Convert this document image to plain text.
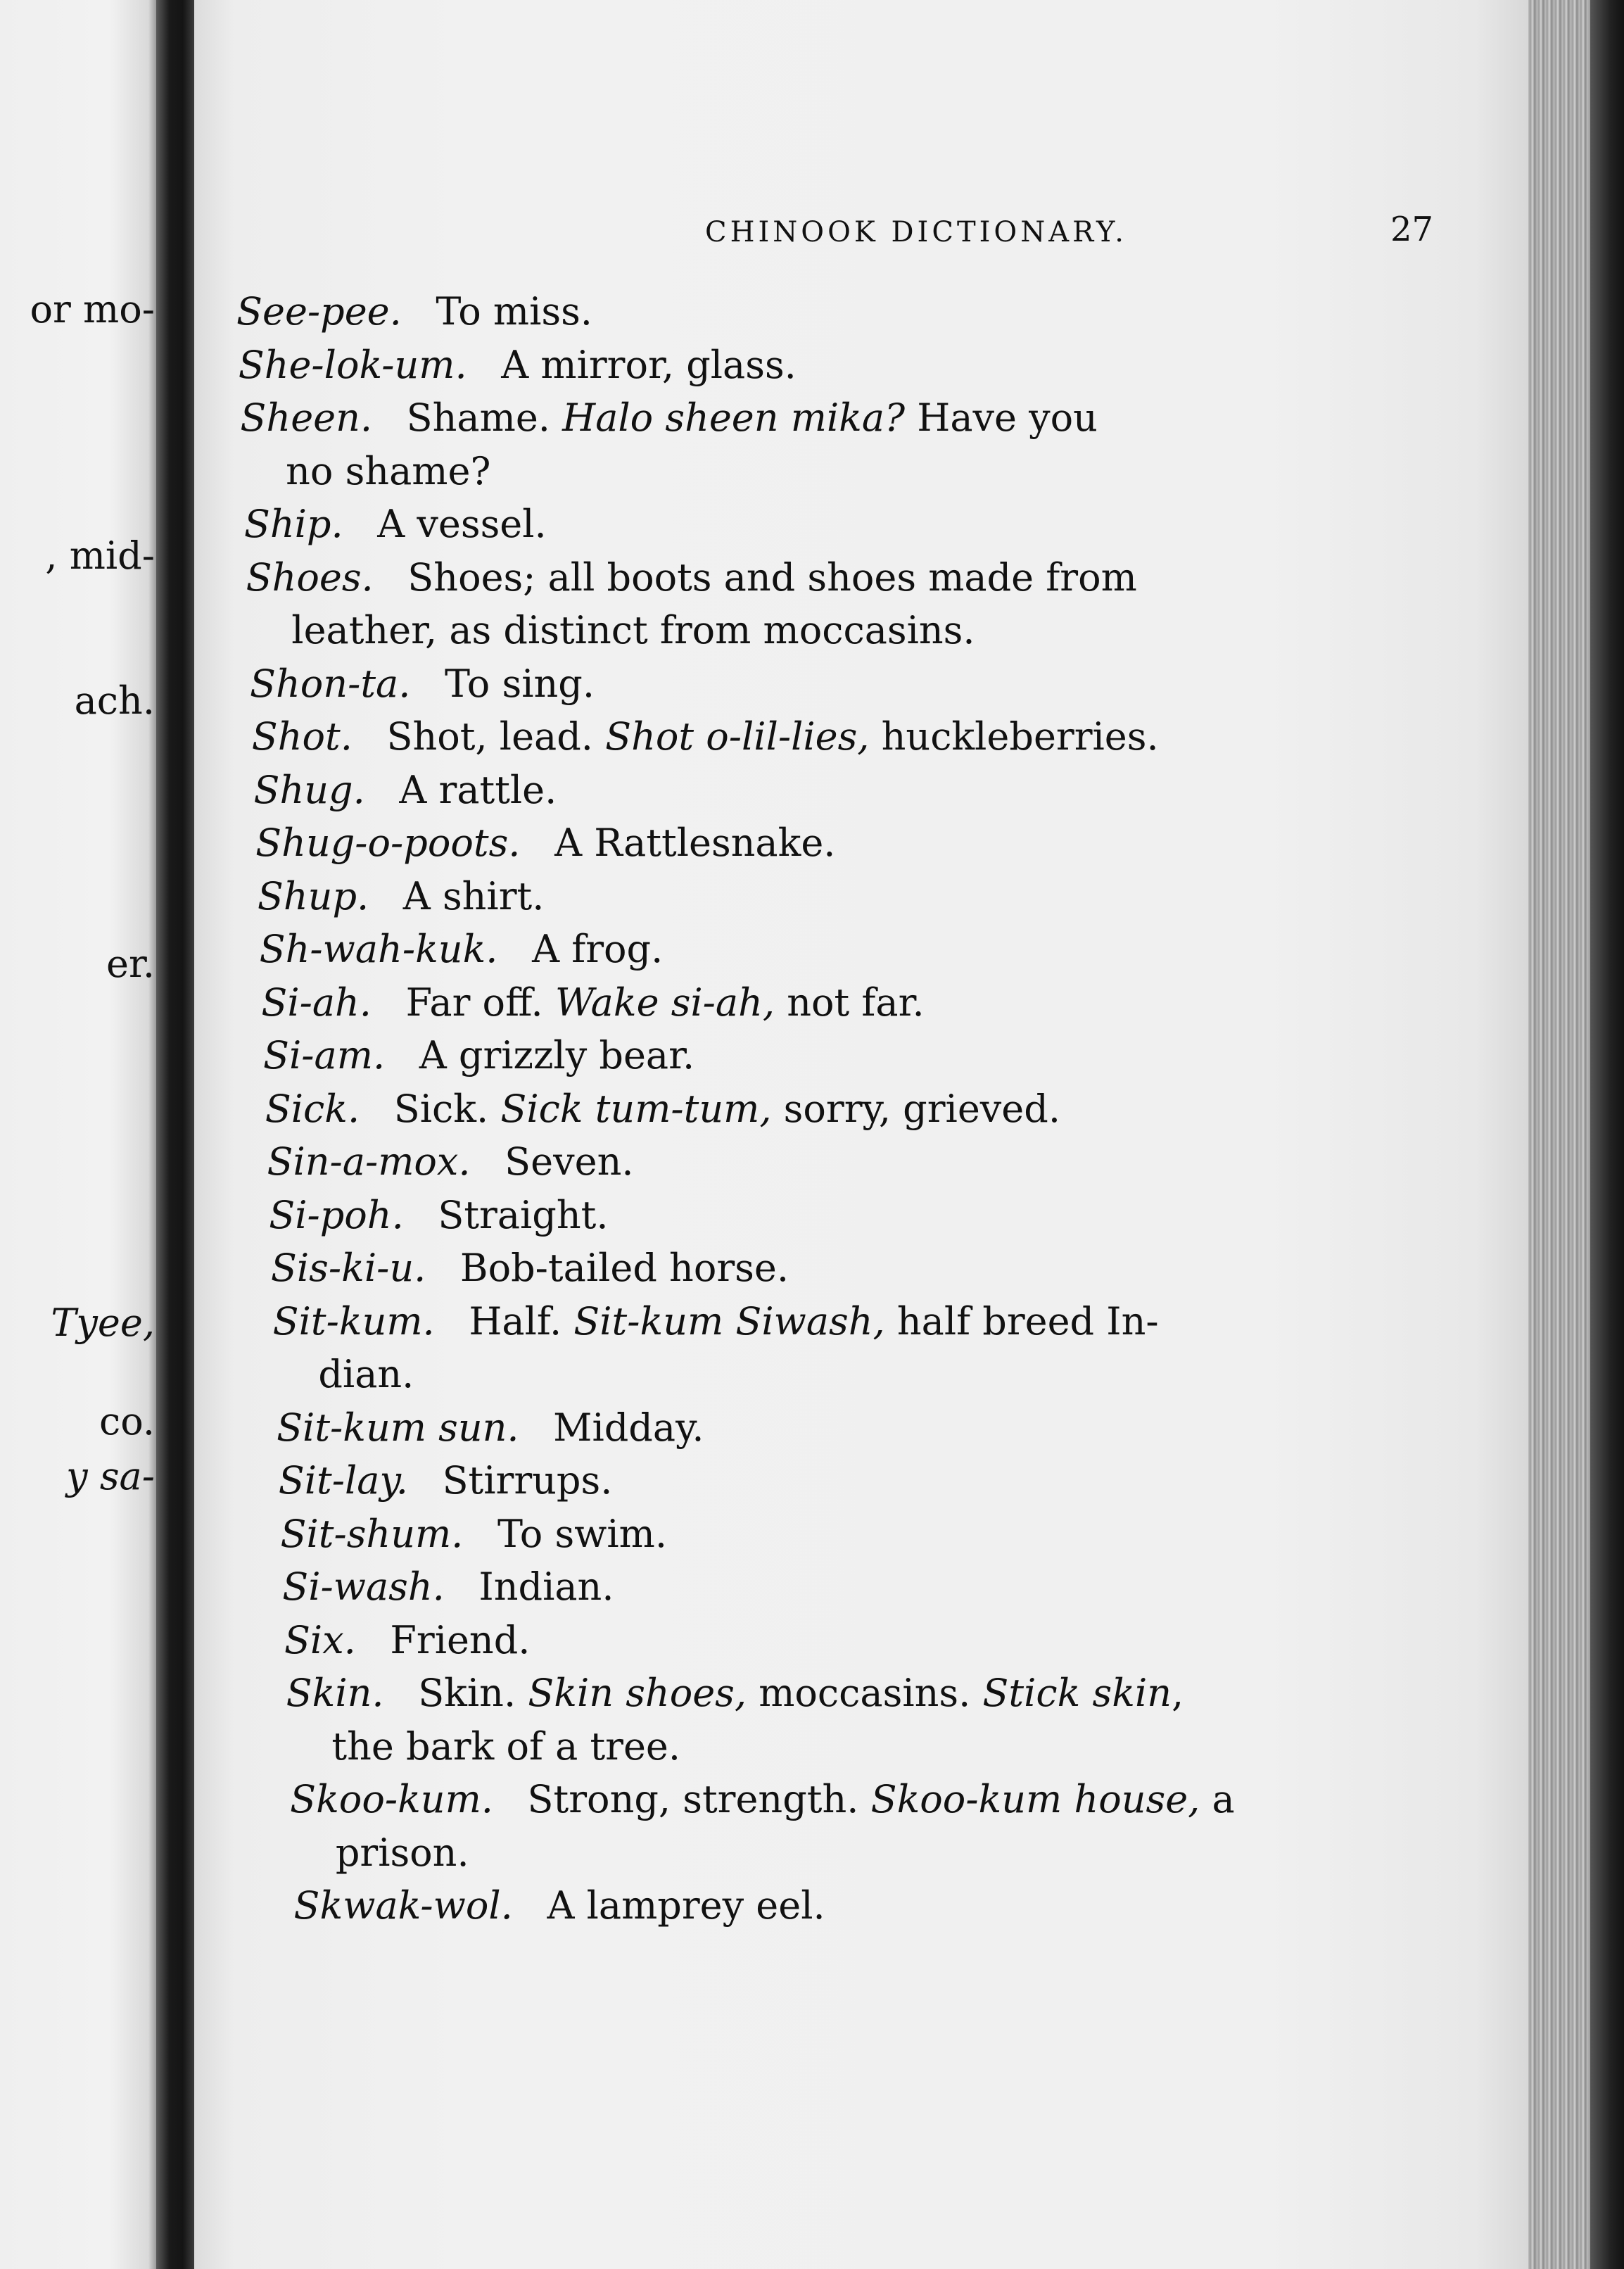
or mo-
, mid-
ach.
er.
Tyee,
co.
y sa-
CHINOOK DICTIONARY.	27
See-pee. To miss.
She-lok-um. A mirror, glass.
Sheen. Shame. Halo sheen mika? Have you
no shame?
Ship. A vessel.
Shoes. Shoes; all boots and shoes made from
leather, as distinct from moccasins.
Shon-ta. To sing.
Shot. Shot, lead. Shot o-lil-lies, huckleberries.
Shug. A rattle.
Shug-o-poots. A Rattlesnake.
Shup. A shirt.
Sh-wah-kuk. A frog.
Si-ah. Far off. Wake si-ah, not far.
Si-am. A grizzly bear.
Sick. Sick. Sick tum-tum, sorry, grieved.
Sin-a-mox. Seven.
Si-poh. Straight.
Sis-ki-u. Bob-tailed horse.
Sit-kum. Half. Sit-kum Siwash, half breed In-
dian.
Sit-kum sun. Midday.
Sit-lay. Stirrups.
Sit-shum. To swim.
Si-wash. Indian.
Six. Friend.
Skin. Skin. Skin shoes, moccasins. Stick skin,
the bark of a tree.
Skoo-kum. Strong, strength. Skoo-kum house, a
prison.
Skwak-wol. A lamprey eel.
